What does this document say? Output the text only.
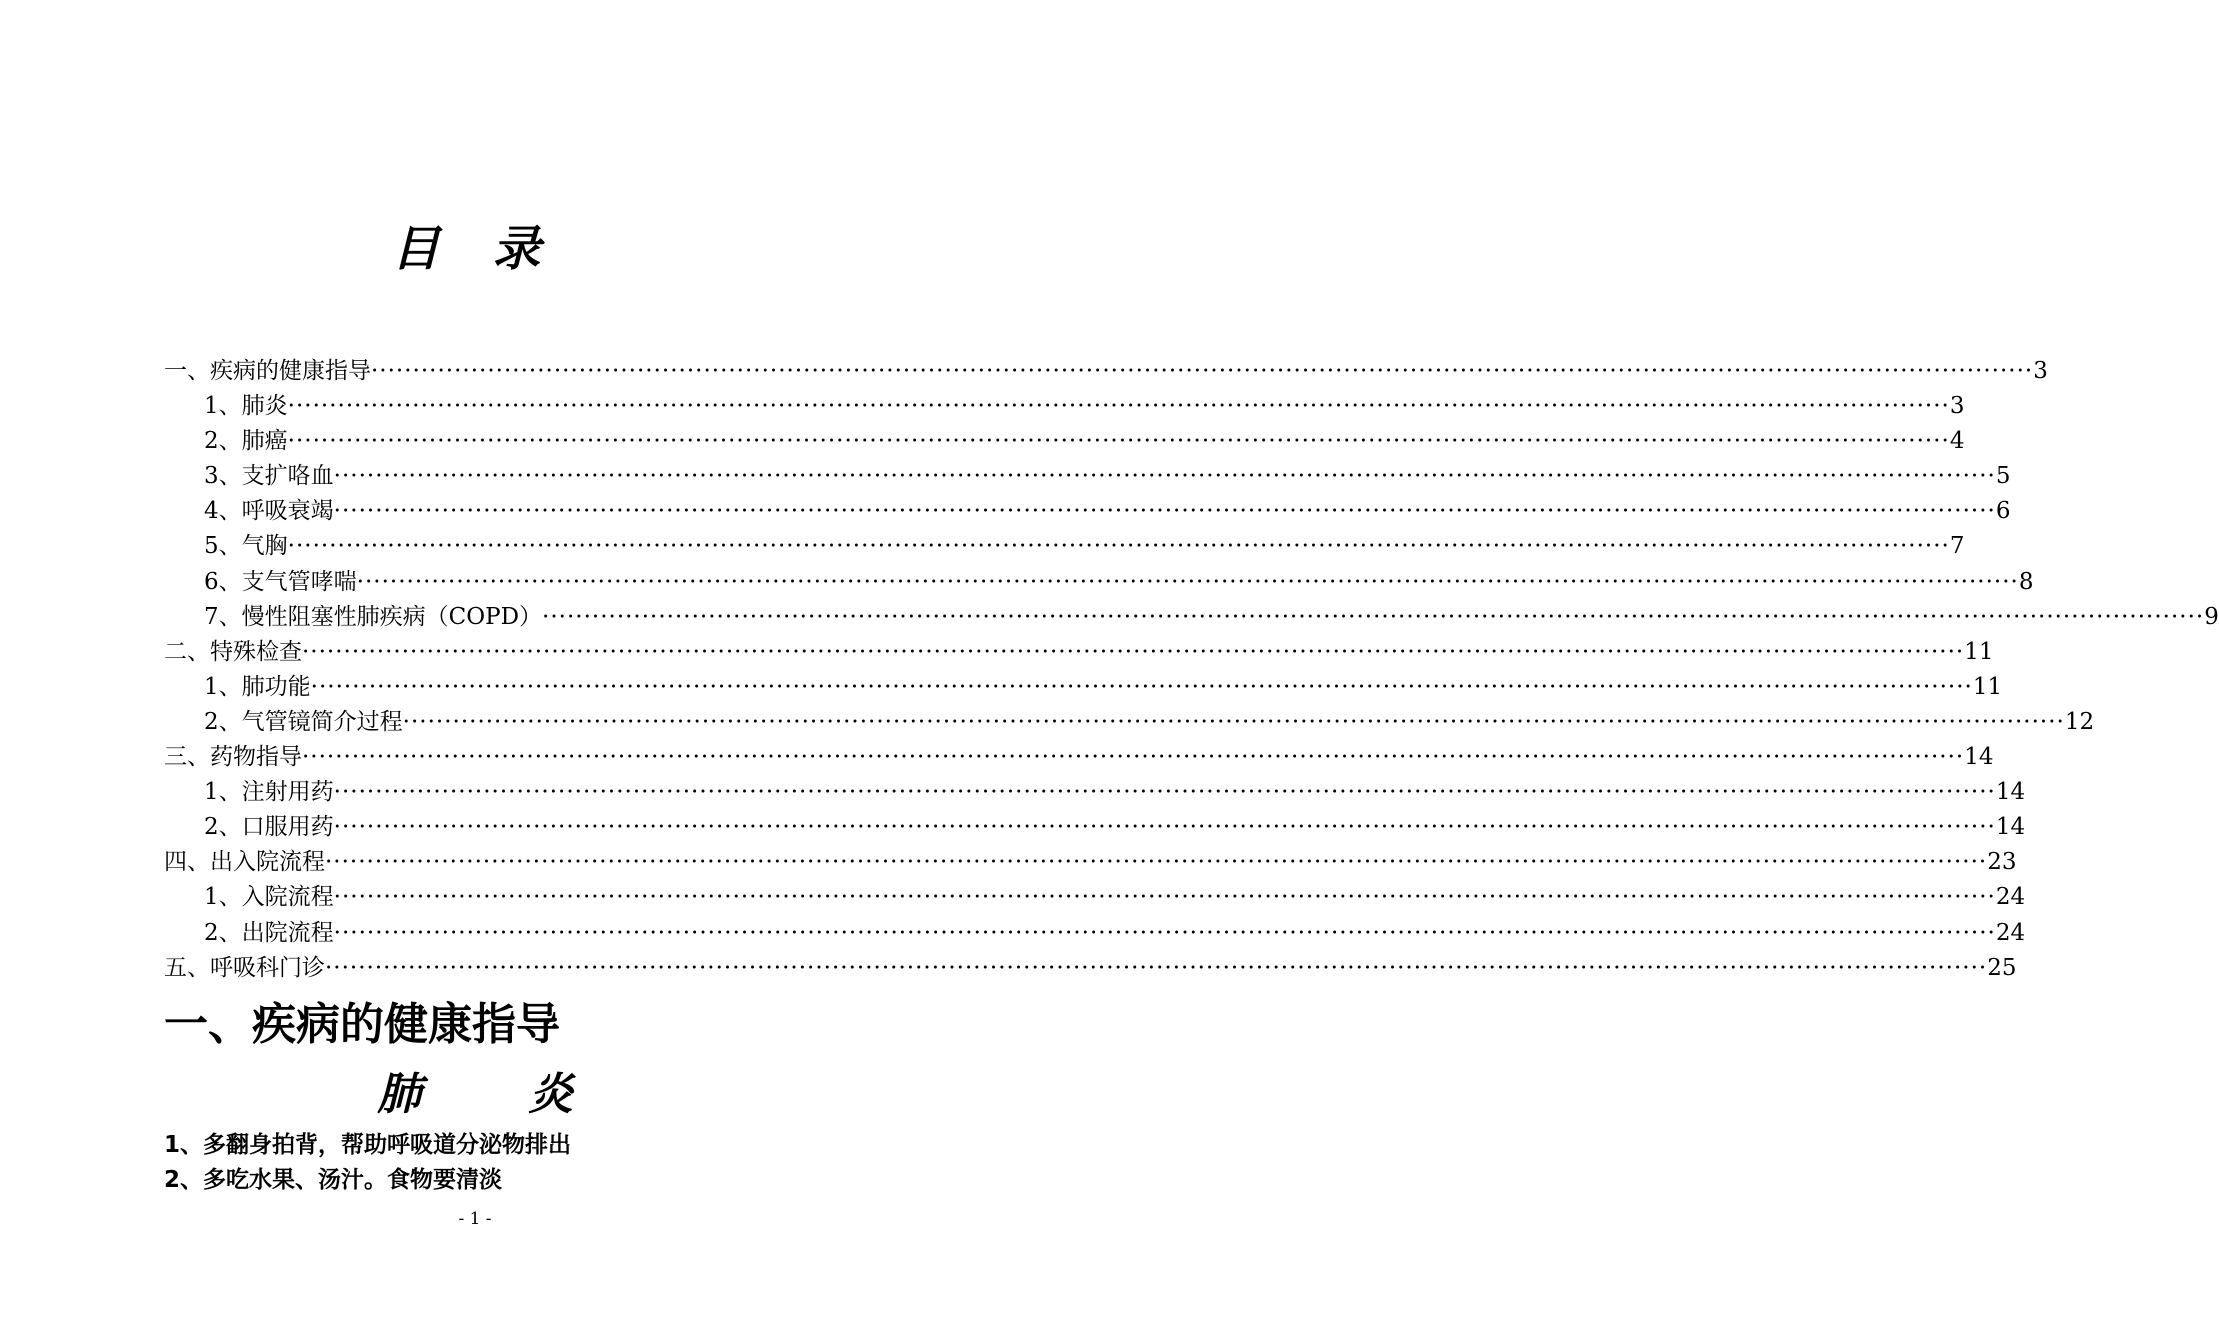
目 录
一、疾病的健康指导 ········································································································································································································ 3
1、肺炎 ········································································································································································································ 3
2、肺癌 ········································································································································································································ 4
3、支扩咯血 ········································································································································································································ 5
4、呼吸衰竭 ········································································································································································································ 6
5、气胸 ········································································································································································································ 7
6、支气管哮喘 ········································································································································································································ 8
7、慢性阻塞性肺疾病（COPD） ········································································································································································································ 9
二、特殊检查 ········································································································································································································ 11
1、肺功能 ········································································································································································································ 11
2、气管镜简介过程 ········································································································································································································ 12
三、药物指导 ········································································································································································································ 14
1、注射用药 ········································································································································································································ 14
2、口服用药 ········································································································································································································ 14
四、出入院流程 ········································································································································································································ 23
1、入院流程 ········································································································································································································ 24
2、出院流程 ········································································································································································································ 24
五、呼吸科门诊 ········································································································································································································ 25
一、疾病的健康指导
肺 炎
1、多翻身拍背，帮助呼吸道分泌物排出
2、多吃水果、汤汁。食物要清淡
- 1 -
